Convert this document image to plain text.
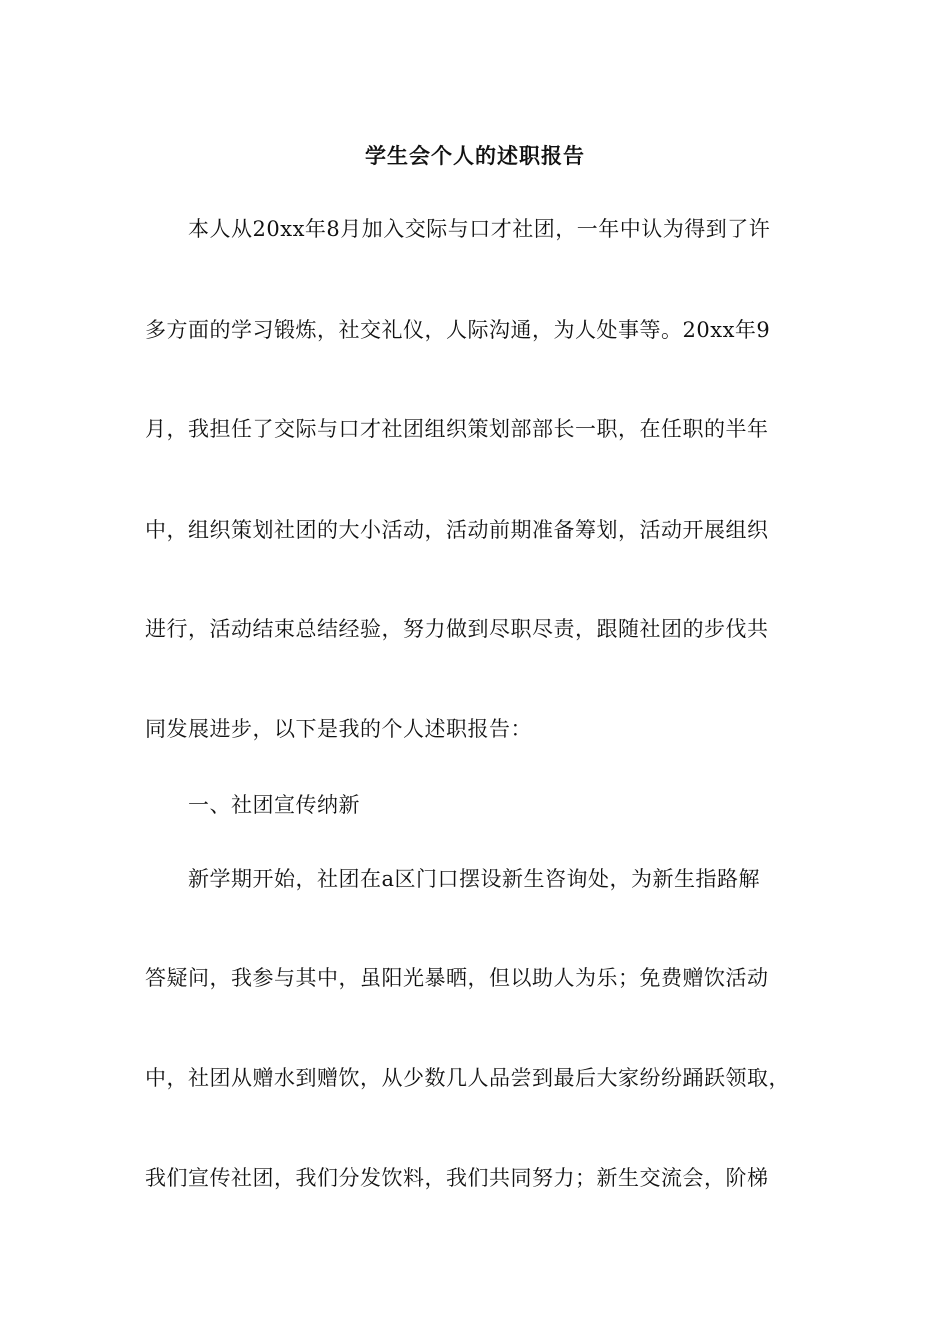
学生会个人的述职报告
本人从20xx年8月加入交际与口才社团，一年中认为得到了许
多方面的学习锻炼，社交礼仪，人际沟通，为人处事等。20xx年9
月，我担任了交际与口才社团组织策划部部长一职，在任职的半年
中，组织策划社团的大小活动，活动前期准备筹划，活动开展组织
进行，活动结束总结经验，努力做到尽职尽责，跟随社团的步伐共
同发展进步，以下是我的个人述职报告：
一、社团宣传纳新
新学期开始，社团在a区门口摆设新生咨询处，为新生指路解
答疑问，我参与其中，虽阳光暴晒，但以助人为乐；免费赠饮活动
中，社团从赠水到赠饮，从少数几人品尝到最后大家纷纷踊跃领取，
我们宣传社团，我们分发饮料，我们共同努力；新生交流会，阶梯
